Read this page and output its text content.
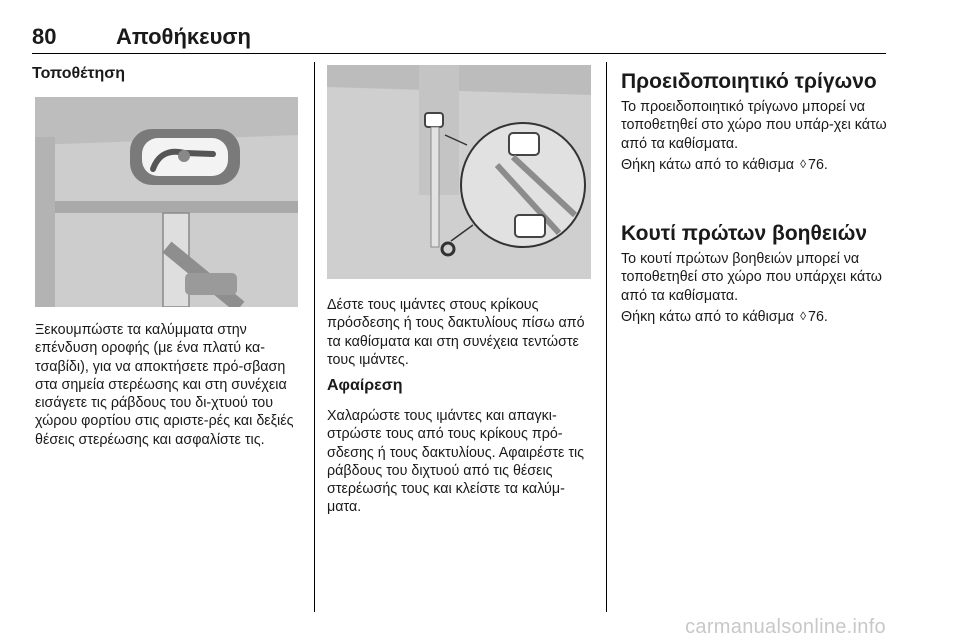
80	Αποθήκευση
Τοποθέτηση

Ξεκουμπώστε τα καλύμματα στην επένδυση οροφής (με ένα πλατύ κα-τσαβίδι), για να αποκτήσετε πρό-σβαση στα σημεία στερέωσης και στη συνέχεια εισάγετε τις ράβδους του δι-χτυού του χώρου φορτίου στις αριστε-ρές και δεξιές θέσεις στερέωσης και ασφαλίστε τις.

Δέστε τους ιμάντες στους κρίκους πρόσδεσης ή τους δακτυλίους πίσω από τα καθίσματα και στη συνέχεια τεντώστε τους ιμάντες.

Αφαίρεση

Χαλαρώστε τους ιμάντες και απαγκι-στρώστε τους από τους κρίκους πρό-σδεσης ή τους δακτυλίους. Αφαιρέστε τις ράβδους του διχτυού από τις θέσεις στερέωσής τους και κλείστε τα καλύμ-ματα.

Προειδοποιητικό τρίγωνο

Το προειδοποιητικό τρίγωνο μπορεί να τοποθετηθεί στο χώρο που υπάρ-χει κάτω από τα καθίσματα.

Θήκη κάτω από το κάθισμα ◊ 76.

Κουτί πρώτων βοηθειών

Το κουτί πρώτων βοηθειών μπορεί να τοποθετηθεί στο χώρο που υπάρχει κάτω από τα καθίσματα.

Θήκη κάτω από το κάθισμα ◊ 76.

carmanualsonline.info
